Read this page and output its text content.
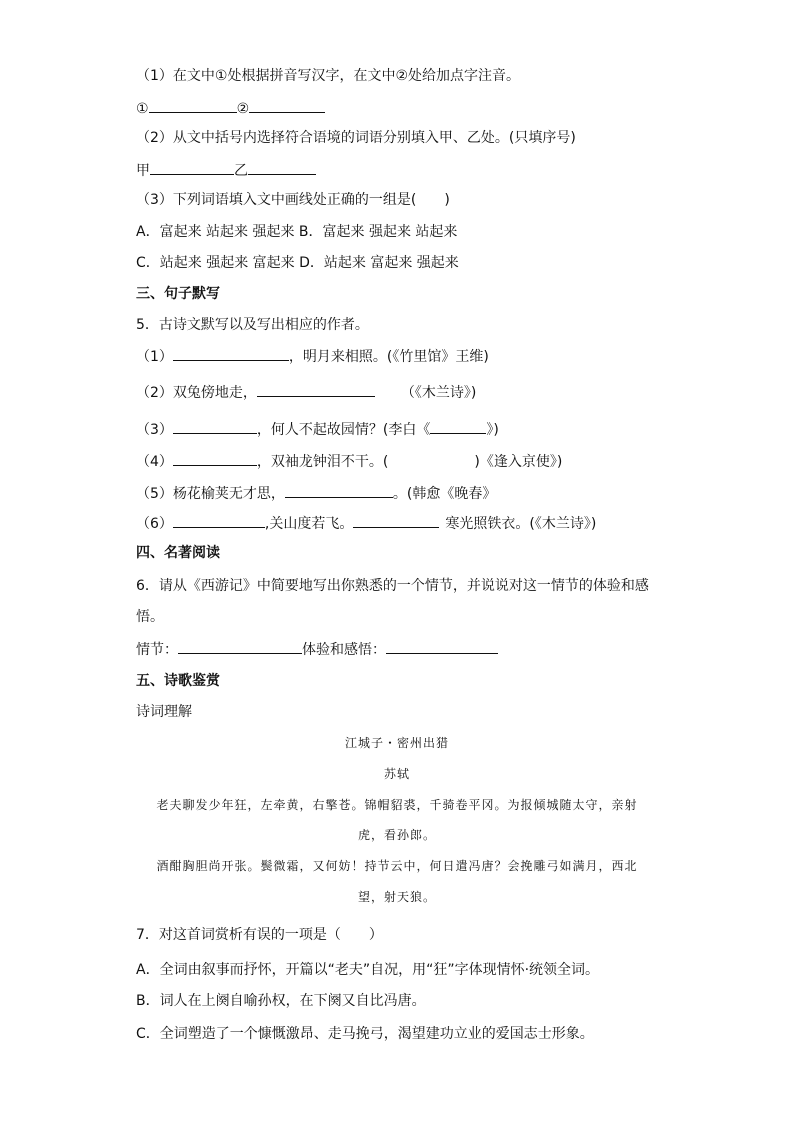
（1）在文中①处根据拼音写汉字，在文中②处给加点字注音。
①	②
（2）从文中括号内选择符合语境的词语分别填入甲、乙处。(只填序号)
甲	乙
（3）下列词语填入文中画线处正确的一组是(　　)
A．富起来 站起来 强起来 B．富起来 强起来 站起来
C．站起来 强起来 富起来 D．站起来 富起来 强起来
三、句子默写
5．古诗文默写以及写出相应的作者。
（1）	，明月来相照。(《竹里馆》王维)
（2）双兔傍地走，	（《木兰诗》)
（3）	，何人不起故园情？(李白《	》)
（4）	，双袖龙钟泪不干。(	)《逢入京使》)
（5）杨花榆荚无才思，	。(韩愈《晚春》
（6）	,关山度若飞。	寒光照铁衣。(《木兰诗》)
四、名著阅读
6．请从《西游记》中简要地写出你熟悉的一个情节，并说说对这一情节的体验和感
悟。
情节：	体验和感悟：
五、诗歌鉴赏
诗词理解
江城子・密州出猎
苏轼
老夫聊发少年狂，左牵黄，右擎苍。锦帽貂裘，千骑卷平冈。为报倾城随太守，亲射
虎，看孙郎。
酒酣胸胆尚开张。鬓微霜，又何妨！持节云中，何日遣冯唐？会挽雕弓如满月，西北
望，射天狼。
7．对这首词赏析有误的一项是（　　）
A．全词由叙事而抒怀，开篇以“老夫”自况，用“狂”字体现情怀·统领全词。
B．词人在上阕自喻孙权，在下阕又自比冯唐。
C．全词塑造了一个慷慨激昂、走马挽弓，渴望建功立业的爱国志士形象。
